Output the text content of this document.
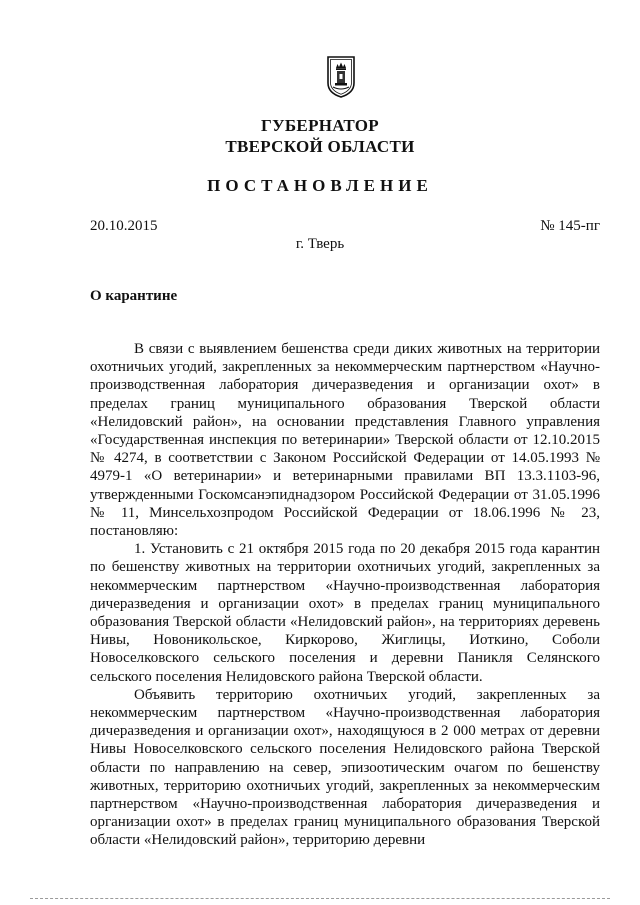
ГУБЕРНАТОР
ТВЕРСКОЙ ОБЛАСТИ
ПОСТАНОВЛЕНИЕ
20.10.2015	№ 145-пг
г. Тверь
О карантине

В связи с выявлением бешенства среди диких животных на территории охотничьих угодий, закрепленных за некоммерческим партнерством «Научно-производственная лаборатория дичеразведения и организации охот» в пределах границ муниципального образования Тверской области «Нелидовский район», на основании представления Главного управления «Государственная инспекция по ветеринарии» Тверской области от 12.10.2015 № 4274, в соответствии с Законом Российской Федерации от 14.05.1993 № 4979-1 «О ветеринарии» и ветеринарными правилами ВП 13.3.1103-96, утвержденными Госкомсанэпиднадзором Российской Федерации от 31.05.1996 № 11, Минсельхозпродом Российской Федерации от 18.06.1996 № 23, постановляю:

1. Установить с 21 октября 2015 года по 20 декабря 2015 года карантин по бешенству животных на территории охотничьих угодий, закрепленных за некоммерческим партнерством «Научно-производственная лаборатория дичеразведения и организации охот» в пределах границ муниципального образования Тверской области «Нелидовский район», на территориях деревень Нивы, Новоникольское, Киркорово, Жиглицы, Иоткино, Соболи Новоселковского сельского поселения и деревни Паникля Селянского сельского поселения Нелидовского района Тверской области.

Объявить территорию охотничьих угодий, закрепленных за некоммерческим партнерством «Научно-производственная лаборатория дичеразведения и организации охот», находящуюся в 2 000 метрах от деревни Нивы Новоселковского сельского поселения Нелидовского района Тверской области по направлению на север, эпизоотическим очагом по бешенству животных, территорию охотничьих угодий, закрепленных за некоммерческим партнерством «Научно-производственная лаборатория дичеразведения и организации охот» в пределах границ муниципального образования Тверской области «Нелидовский район», территорию деревни
